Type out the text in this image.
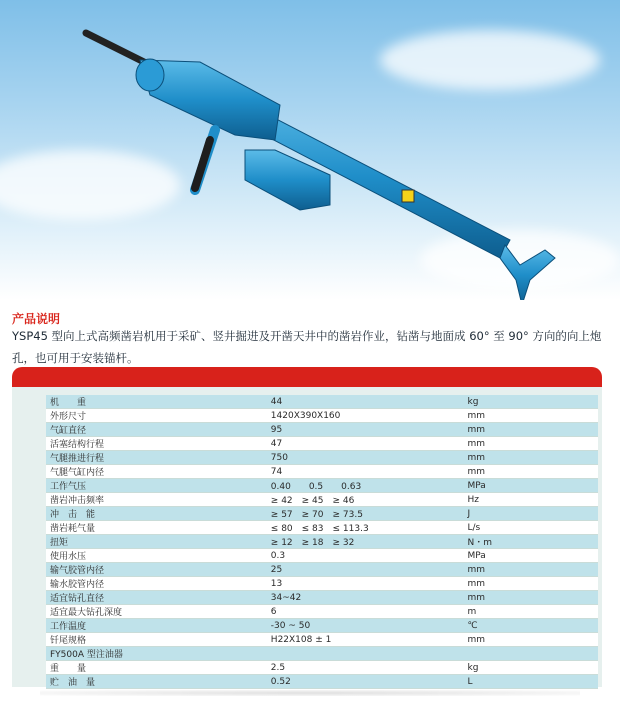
产品说明
YSP45 型向上式高频凿岩机用于采矿、竖井掘进及开凿天井中的凿岩作业，钻凿与地面成 60° 至 90° 方向的向上炮孔，也可用于安装锚杆。
机　　重	44	kg
外形尺寸	1420X390X160	mm
气缸直径	95	mm
活塞结构行程	47	mm
气腿推进行程	750	mm
气腿气缸内径	74	mm
工作气压	0.40　　0.5　　0.63	MPa
凿岩冲击频率	≥ 42　≥ 45　≥ 46	Hz
冲　击　能	≥ 57　≥ 70　≥ 73.5	J
凿岩耗气量	≤ 80　≤ 83　≤ 113.3	L/s
扭矩	≥ 12　≥ 18　≥ 32	N・m
使用水压	0.3	MPa
输气胶管内径	25	mm
输水胶管内径	13	mm
适宜钻孔直径	34~42	mm
适宜最大钻孔深度	6	m
工作温度	-30 ~ 50	℃
钎尾规格	H22X108 ± 1	mm
FY500A 型注油器		
重　　量	2.5	kg
贮　油　量	0.52	L
